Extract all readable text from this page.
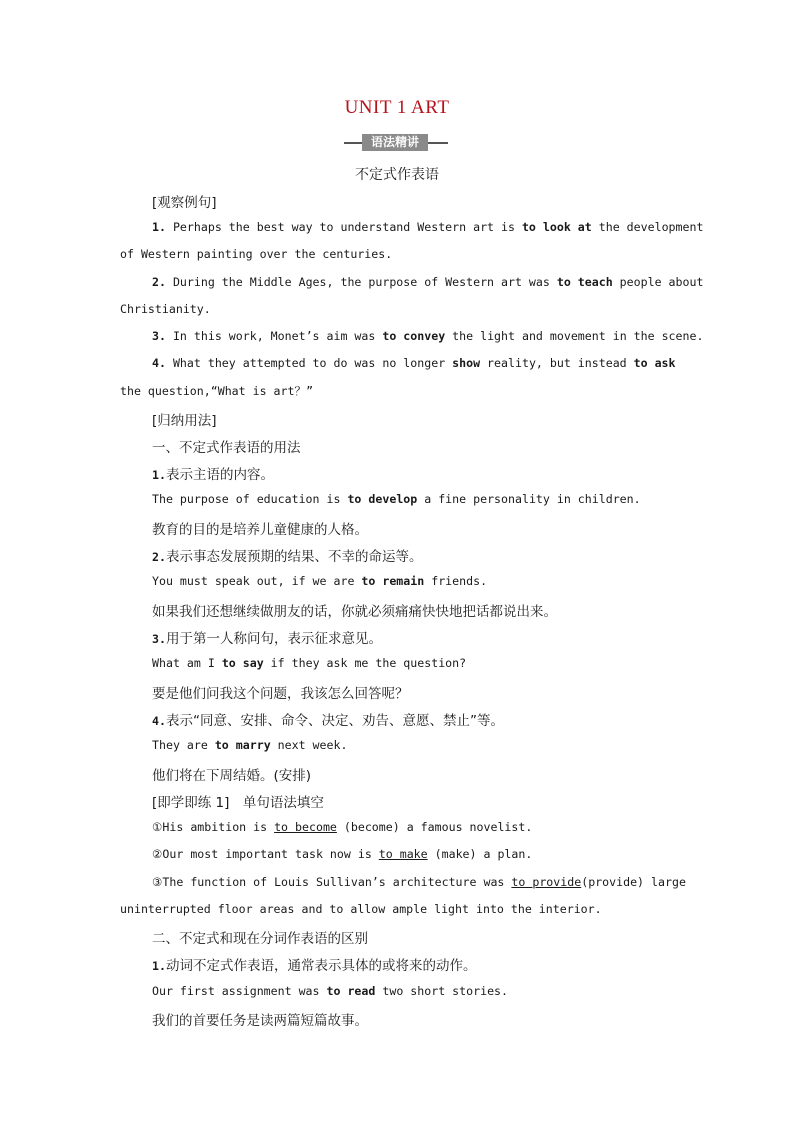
UNIT 1 ART
语法精讲
不定式作表语
[观察例句]
1. Perhaps the best way to understand Western art is to look at the development
of Western painting over the centuries.
2. During the Middle Ages, the purpose of Western art was to teach people about
Christianity.
3. In this work, Monet’s aim was to convey the light and movement in the scene.
4. What they attempted to do was no longer show reality, but instead to ask
the question,“What is art？”
[归纳用法]
一、不定式作表语的用法
1.表示主语的内容。
The purpose of education is to develop a fine personality in children.
教育的目的是培养儿童健康的人格。
2.表示事态发展预期的结果、不幸的命运等。
You must speak out, if we are to remain friends.
如果我们还想继续做朋友的话，你就必须痛痛快快地把话都说出来。
3.用于第一人称问句，表示征求意见。
What am I to say if they ask me the question?
要是他们问我这个问题，我该怎么回答呢？
4.表示“同意、安排、命令、决定、劝告、意愿、禁止”等。
They are to marry next week.
他们将在下周结婚。(安排)
[即学即练 1]　单句语法填空
①His ambition is to become (become) a famous novelist.
②Our most important task now is to make (make) a plan.
③The function of Louis Sullivan’s architecture was to provide(provide) large
uninterrupted floor areas and to allow ample light into the interior.
二、不定式和现在分词作表语的区别
1.动词不定式作表语，通常表示具体的或将来的动作。
Our first assignment was to read two short stories.
我们的首要任务是读两篇短篇故事。
